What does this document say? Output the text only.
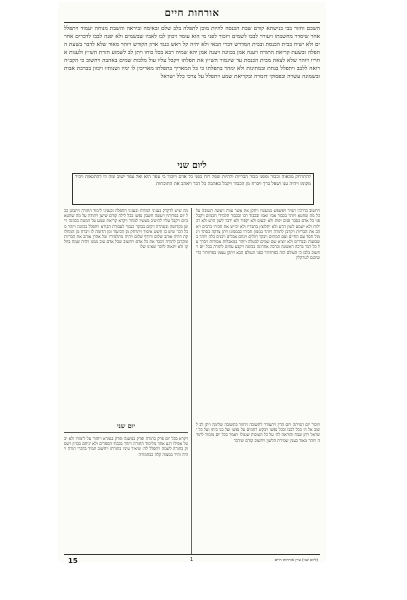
אורחות חיים
השכם וחזור בבי כנישתא קודם שבת הכנסה להיות מוכן לתפלה בלב שלם ובאימה וביראה והשבת מנוחה יעמוד ויתפלל אחר שיסדר מחשבתו ויעורר לבבו לשמים ויזכור לפני מי הוא עומד ויכוון לבו לאביו שבשמים ולא יפנה לבבו לדברים אחרים ולא ישיח בבית הכנסת ובבית המדרש דברי הבאי ולא יהיה קל ראש כנגד ארון הקודש ויזהר מאוד שלא לדבר בשעת התפלה ובשעת קריאת התורה ויענה אמן בכוונה ויענה אמן יהא שמיה רבא בכל כוחו ויתן לב לשמוע חזרת הש״ץ ולענות אחריו ויזהר שלא לצאת מבית הכנסת עד שיגמור הש״ץ את תפלתו ויקבל עליו עול מלכות שמים באהבה ויחשוב כי הקב״ה רואה ללבב ויתפלל בנחת ובמתינות ולא ימהר בתפלתו כי כל המאריך בתפלתו מאריכין לו ימיו ושנותיו ויכוון בברכת אבות ובשמונה עשרה ובפסוקי דזמרה ובקריאת שמע ויתפלל על צרכי כלל ישראל
ליום שני
להתרחק מכאוה וכבוד ומפני כבוד הבריות ולהיות שפל רוח בפני כל אדם ויזכור כי עפר הוא ואל עפר ישוב ומה לו להתגאות ויכיר מקומו ויהיה ענו ושפל ברך ויברח מן הכבוד ויקבל באהבה כל דבר ויאהב את התוכחות
ויחשוב בדרכיו תמיד ויפשפש במעשיו ויתקן את אשר עוות ויעשה תשובה על כל מה שחטא ויזהר בכבוד אביו ואמו ובכבוד רבו ובכבוד תלמידי חכמים ויקבל פני כל אדם בסבר פנים יפות ולא יכעוס ולא יקפיד ולא ידבר לשון הרע ולא רכילות ולא ישמע לשון הרע ולא יתלוצץ בחבריו ולא יבייש את חבירו ברבים ויאהב את הבריות ויקרבן לתורה ויזהר בממון חבירו כבממונו ויתן צדקה בסתר ויגמול חסד עם החיים ועם המתים ויבקר חולים וינחם אבלים ויכניס כלה ויזהר בשבועות ובנדרים ולא יוציא שם שמים לבטלה ויזהר במאכלות אסורות ויברך על כל דבר ברכה ראשונה וברכה אחרונה בכוונה ויקבע עתים לתורה בכל יום ויחשוב בלבו כי העולם הזה כפרוזדור בפני העולם הבא ויתקן עצמו בפרוזדור כדי שיכנס לטרקלין
מה שיש לדקדק בעניני המדות ובעניני התפלה ובעניני לימוד התורה ויתבונן בכל יום במדותיו ויעשה חשבון נפשו בכל לילה קודם שישן ויתודה על מה שחטא ביום ויקבל עליו להיטיב מעשיו למחר ויקרא קריאת שמע על המטה בכוונה ויישן בקדושה ובטהרה ויקום בבוקר כגבור לעבודת הבורא ויתפלל בכוונה ויזהר מכל דבר שיש בו חשש איסור ויתרחק מן הכיעור ומן הדומה לו ויברח מן המחלוקת ויהיה אוהב שלום ורודף שלום ויהיה מתלמידיו של אהרן אוהב את הבריות ומקרבן לתורה ויכבד את כל אדם ויחשוב שכל אדם טוב ממנו ויהיה שמח בחלקו ולא יתאוה לדבר שאינו שלו
יום שני
ויקרא בכל יום פרק בתורה ופרק במשנה ופרק בגמרא ויחזור על לימודו ולא יבטל אפילו רגע אחד מלימוד התורה ויזהר בכבוד הספרים ולא יניחם בבזיון ויעסוק בתורה לשמה ויתפלל לה׳ שיאיר עיניו בתורתו ויחשוב תמיד בדברי תורה ויהיה זהיר במצוה קלה כבחמורה
ויזכור יום המיתה ויום הדין ויתעורר לתשובה ויחזור בתשובה שלימה ויתן לב לשוב אל ה׳ בכל לבבו ובכל נפשו ויבקש רחמים על נפשו ועל בני ביתו ועל כל ישראל ויתן שבח והודאה לה׳ על כל הטובות שגמלו ויאמר בכל יום מזמור לתודה ויזהר מאוד בענין שמירת הלשון ויחשוב קודם שידבר
15	1	(ליום שני) עיין אורחות חיים
